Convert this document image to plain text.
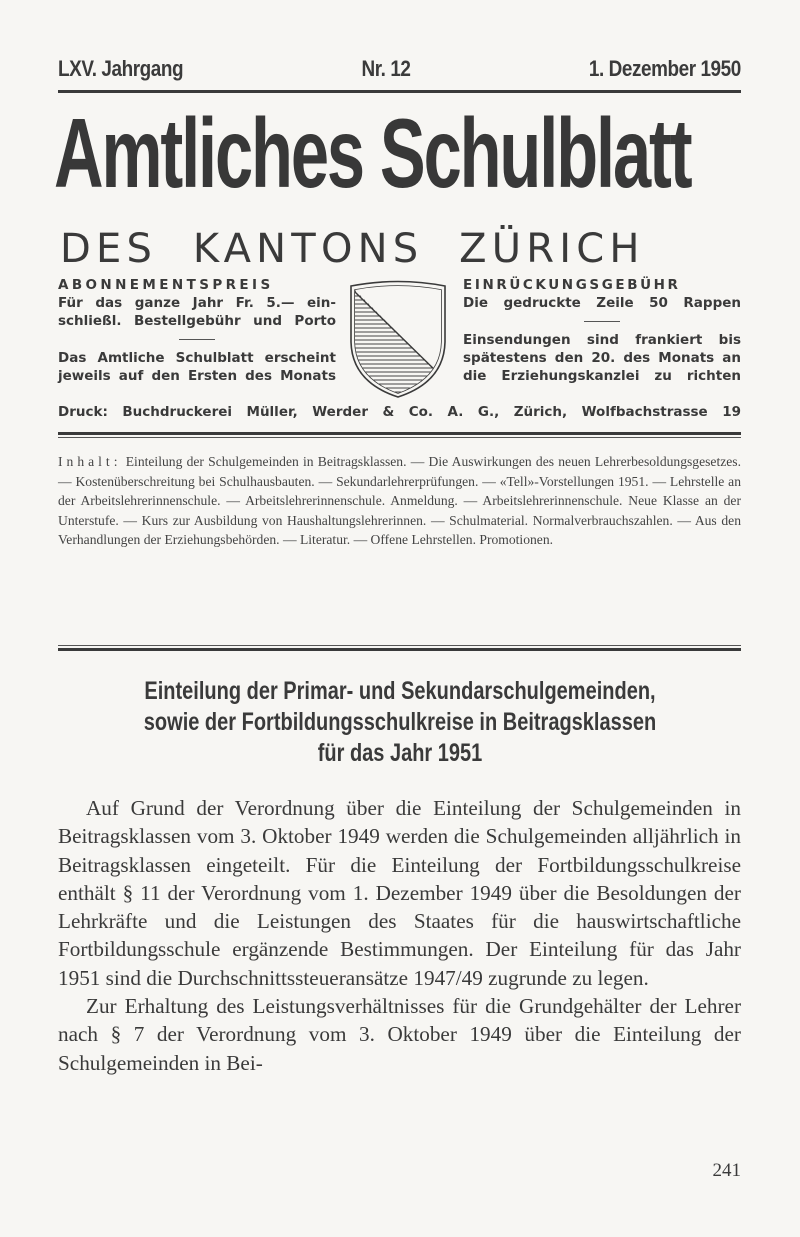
LXV. Jahrgang	Nr. 12	1. Dezember 1950
Amtliches Schulblatt
DES  KANTONS  ZÜRICH
ABONNEMENTSPREIS
Für das ganze Jahr Fr. 5.— ein-
schließl. Bestellgebühr und Porto
Das Amtliche Schulblatt erscheint
jeweils auf den Ersten des Monats
EINRÜCKUNGSGEBÜHR
Die gedruckte Zeile 50 Rappen
Einsendungen sind frankiert bis
spätestens den 20. des Monats an
die Erziehungskanzlei zu richten
Druck: Buchdruckerei Müller, Werder & Co. A. G., Zürich, Wolfbachstrasse 19
Inhalt: Einteilung der Schulgemeinden in Beitragsklassen. — Die Auswirkungen des neuen Lehrerbesoldungsgesetzes. — Kostenüberschreitung bei Schulhausbauten. — Sekundarlehrerprüfungen. — «Tell»-Vorstellungen 1951. — Lehrstelle an der Arbeitslehrerinnenschule. — Arbeitslehrerinnenschule. Anmeldung. — Arbeitslehrerinnenschule. Neue Klasse an der Unterstufe. — Kurs zur Ausbildung von Haushaltungslehrerinnen. — Schulmaterial. Normalverbrauchszahlen. — Aus den Verhandlungen der Erziehungsbehörden. — Literatur. — Offene Lehrstellen. Promotionen.
Einteilung der Primar- und Sekundarschulgemeinden,
sowie der Fortbildungsschulkreise in Beitragsklassen
für das Jahr 1951

Auf Grund der Verordnung über die Einteilung der Schulgemeinden in Beitragsklassen vom 3. Oktober 1949 werden die Schulgemeinden alljährlich in Beitragsklassen eingeteilt. Für die Einteilung der Fortbildungsschulkreise enthält § 11 der Verordnung vom 1. Dezember 1949 über die Besoldungen der Lehrkräfte und die Leistungen des Staates für die hauswirtschaftliche Fortbildungsschule ergänzende Bestimmungen. Der Einteilung für das Jahr 1951 sind die Durchschnittssteueransätze 1947/49 zugrunde zu legen.

Zur Erhaltung des Leistungsverhältnisses für die Grundgehälter der Lehrer nach § 7 der Verordnung vom 3. Oktober 1949 über die Einteilung der Schulgemeinden in Bei-

241
